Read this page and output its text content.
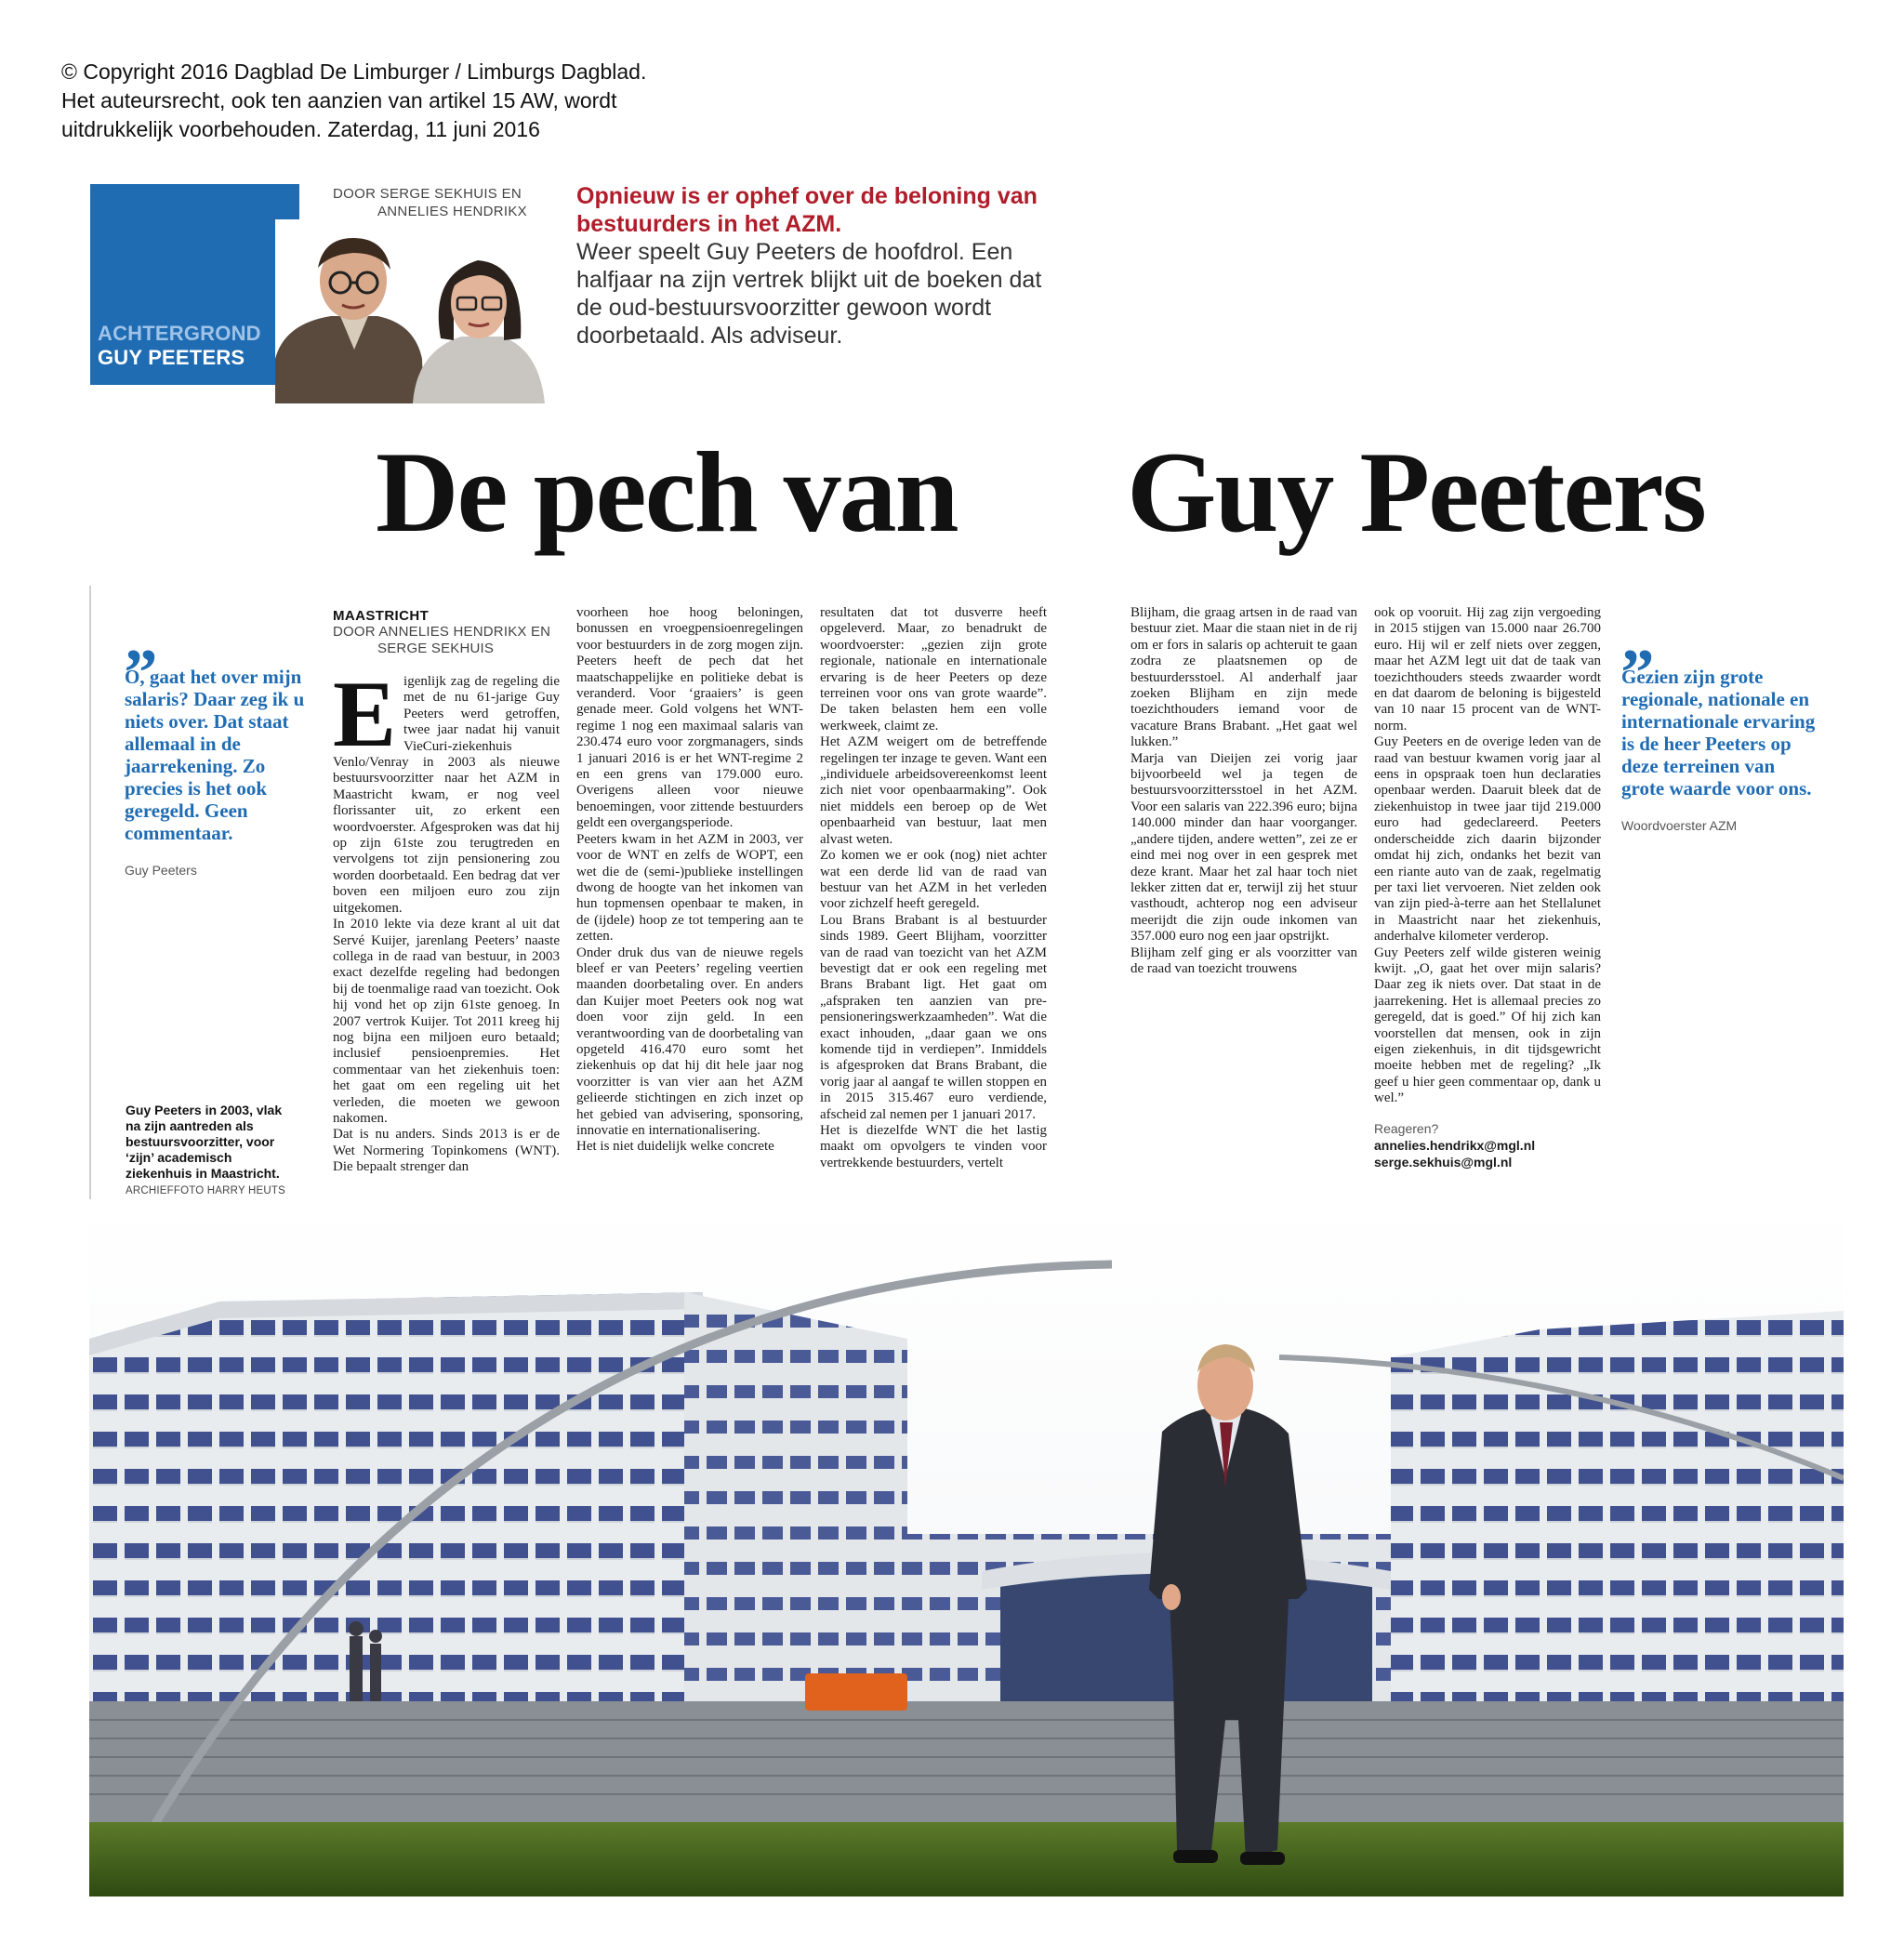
© Copyright 2016 Dagblad De Limburger / Limburgs Dagblad.
Het auteursrecht, ook ten aanzien van artikel 15 AW, wordt
uitdrukkelijk voorbehouden. Zaterdag, 11 juni 2016
ACHTERGROND
GUY PEETERS
DOOR SERGE SEKHUIS EN
ANNELIES HENDRIKX
Opnieuw is er ophef over de beloning van bestuurders in het AZM.
Weer speelt Guy Peeters de hoofdrol. Een halfjaar na zijn vertrek blijkt uit de boeken dat de oud-bestuursvoorzitter gewoon wordt doorbetaald. Als adviseur.
De pech van Guy Peeters
„
O, gaat het over mijn salaris? Daar zeg ik u niets over. Dat staat allemaal in de jaarrekening. Zo precies is het ook geregeld. Geen commentaar.
Guy Peeters
Guy Peeters in 2003, vlak na zijn aantreden als bestuursvoorzitter, voor ‘zijn’ academisch ziekenhuis in Maastricht.
ARCHIEFFOTO HARRY HEUTS
MAASTRICHT
DOOR ANNELIES HENDRIKX EN
SERGE SEKHUIS
E igenlijk zag de regeling die met de nu 61-jarige Guy Peeters werd getroffen, twee jaar nadat hij vanuit VieCuri-ziekenhuis Venlo/Venray in 2003 als nieuwe bestuursvoorzitter naar het AZM in Maastricht kwam, er nog veel florissanter uit, zo erkent een woordvoerster. Afgesproken was dat hij op zijn 61ste zou terugtreden en vervolgens tot zijn pensionering zou worden doorbetaald. Een bedrag dat ver boven een miljoen euro zou zijn uitgekomen.

In 2010 lekte via deze krant al uit dat Servé Kuijer, jarenlang Peeters’ naaste collega in de raad van bestuur, in 2003 exact dezelfde regeling had bedongen bij de toenmalige raad van toezicht. Ook hij vond het op zijn 61ste genoeg. In 2007 vertrok Kuijer. Tot 2011 kreeg hij nog bijna een miljoen euro betaald; inclusief pensioenpremies. Het commentaar van het ziekenhuis toen: het gaat om een regeling uit het verleden, die moeten we gewoon nakomen.

Dat is nu anders. Sinds 2013 is er de Wet Normering Topinkomens (WNT). Die bepaalt strenger dan

voorheen hoe hoog beloningen, bonussen en vroegpensioenregelingen voor bestuurders in de zorg mogen zijn. Peeters heeft de pech dat het maatschappelijke en politieke debat is veranderd. Voor ‘graaiers’ is geen genade meer. Gold volgens het WNT-regime 1 nog een maximaal salaris van 230.474 euro voor zorgmanagers, sinds 1 januari 2016 is er het WNT-regime 2 en een grens van 179.000 euro. Overigens alleen voor nieuwe benoemingen, voor zittende bestuurders geldt een overgangsperiode.

Peeters kwam in het AZM in 2003, ver voor de WNT en zelfs de WOPT, een wet die de (semi-)publieke instellingen dwong de hoogte van het inkomen van hun topmensen openbaar te maken, in de (ijdele) hoop ze tot tempering aan te zetten.

Onder druk dus van de nieuwe regels bleef er van Peeters’ regeling veertien maanden doorbetaling over. En anders dan Kuijer moet Peeters ook nog wat doen voor zijn geld. In een verantwoording van de doorbetaling van opgeteld 416.470 euro somt het ziekenhuis op dat hij dit hele jaar nog voorzitter is van vier aan het AZM gelieerde stichtingen en zich inzet op het gebied van advisering, sponsoring, innovatie en internationalisering.

Het is niet duidelijk welke concrete

resultaten dat tot dusverre heeft opgeleverd. Maar, zo benadrukt de woordvoerster: „gezien zijn grote regionale, nationale en internationale ervaring is de heer Peeters op deze terreinen voor ons van grote waarde”. De taken belasten hem een volle werkweek, claimt ze.

Het AZM weigert om de betreffende regelingen ter inzage te geven. Want een „individuele arbeidsovereenkomst leent zich niet voor openbaarmaking”. Ook niet middels een beroep op de Wet openbaarheid van bestuur, laat men alvast weten.

Zo komen we er ook (nog) niet achter wat een derde lid van de raad van bestuur van het AZM in het verleden voor zichzelf heeft geregeld.

Lou Brans Brabant is al bestuurder sinds 1989. Geert Blijham, voorzitter van de raad van toezicht van het AZM bevestigt dat er ook een regeling met Brans Brabant ligt. Het gaat om „afspraken ten aanzien van pre-pensioneringswerkzaamheden”. Wat die exact inhouden, „daar gaan we ons komende tijd in verdiepen”. Inmiddels is afgesproken dat Brans Brabant, die vorig jaar al aangaf te willen stoppen en in 2015 315.467 euro verdiende, afscheid zal nemen per 1 januari 2017.

Het is diezelfde WNT die het lastig maakt om opvolgers te vinden voor vertrekkende bestuurders, vertelt

Blijham, die graag artsen in de raad van bestuur ziet. Maar die staan niet in de rij om er fors in salaris op achteruit te gaan zodra ze plaatsnemen op de bestuurdersstoel. Al anderhalf jaar zoeken Blijham en zijn mede toezichthouders iemand voor de vacature Brans Brabant. „Het gaat wel lukken.”

Marja van Dieijen zei vorig jaar bijvoorbeeld wel ja tegen de bestuursvoorzittersstoel in het AZM. Voor een salaris van 222.396 euro; bijna 140.000 minder dan haar voorganger. „andere tijden, andere wetten”, zei ze er eind mei nog over in een gesprek met deze krant. Maar het zal haar toch niet lekker zitten dat er, terwijl zij het stuur vasthoudt, achterop nog een adviseur meerijdt die zijn oude inkomen van 357.000 euro nog een jaar opstrijkt.

Blijham zelf ging er als voorzitter van de raad van toezicht trouwens

ook op vooruit. Hij zag zijn vergoeding in 2015 stijgen van 15.000 naar 26.700 euro. Hij wil er zelf niets over zeggen, maar het AZM legt uit dat de taak van toezichthouders steeds zwaarder wordt en dat daarom de beloning is bijgesteld van 10 naar 15 procent van de WNT-norm.

Guy Peeters en de overige leden van de raad van bestuur kwamen vorig jaar al eens in opspraak toen hun declaraties openbaar werden. Daaruit bleek dat de ziekenhuistop in twee jaar tijd 219.000 euro had gedeclareerd. Peeters onderscheidde zich daarin bijzonder omdat hij zich, ondanks het bezit van een riante auto van de zaak, regelmatig per taxi liet vervoeren. Niet zelden ook van zijn pied-à-terre aan het Stellalunet in Maastricht naar het ziekenhuis, anderhalve kilometer verderop.

Guy Peeters zelf wilde gisteren weinig kwijt. „O, gaat het over mijn salaris? Daar zeg ik niets over. Dat staat in de jaarrekening. Het is allemaal precies zo geregeld, dat is goed.” Of hij zich kan voorstellen dat mensen, ook in zijn eigen ziekenhuis, in dit tijdsgewricht moeite hebben met de regeling? „Ik geef u hier geen commentaar op, dank u wel.”

Reageren?
annelies.hendrikx@mgl.nl
serge.sekhuis@mgl.nl
„
Gezien zijn grote regionale, nationale en internationale ervaring is de heer Peeters op deze terreinen van grote waarde voor ons.
Woordvoerster AZM
